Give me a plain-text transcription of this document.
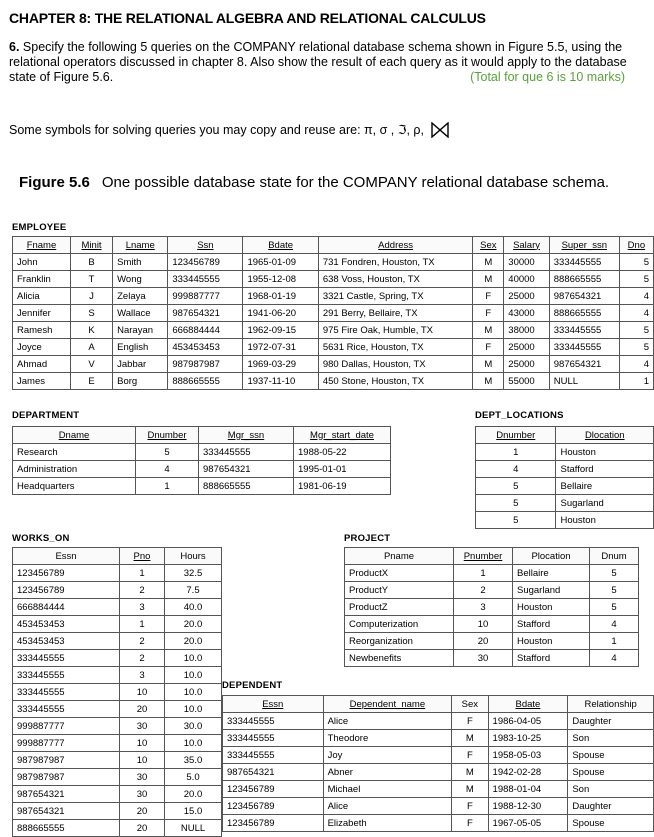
CHAPTER 8: THE RELATIONAL ALGEBRA AND RELATIONAL CALCULUS
6. Specify the following 5 queries on the COMPANY relational database schema shown in Figure 5.5, using the relational operators discussed in chapter 8. Also show the result of each query as it would apply to the database state of Figure 5.6.	(Total for que 6 is 10 marks)
Some symbols for solving queries you may copy and reuse are: π, σ , ℑ, ρ,
Figure 5.6 One possible database state for the COMPANY relational database schema.
EMPLOYEE
Fname	Minit	Lname	Ssn	Bdate	Address	Sex	Salary	Super_ssn	Dno
John	B	Smith	123456789	1965-01-09	731 Fondren, Houston, TX	M	30000	333445555	5
Franklin	T	Wong	333445555	1955-12-08	638 Voss, Houston, TX	M	40000	888665555	5
Alicia	J	Zelaya	999887777	1968-01-19	3321 Castle, Spring, TX	F	25000	987654321	4
Jennifer	S	Wallace	987654321	1941-06-20	291 Berry, Bellaire, TX	F	43000	888665555	4
Ramesh	K	Narayan	666884444	1962-09-15	975 Fire Oak, Humble, TX	M	38000	333445555	5
Joyce	A	English	453453453	1972-07-31	5631 Rice, Houston, TX	F	25000	333445555	5
Ahmad	V	Jabbar	987987987	1969-03-29	980 Dallas, Houston, TX	M	25000	987654321	4
James	E	Borg	888665555	1937-11-10	450 Stone, Houston, TX	M	55000	NULL	1
DEPARTMENT
Dname	Dnumber	Mgr_ssn	Mgr_start_date
Research	5	333445555	1988-05-22
Administration	4	987654321	1995-01-01
Headquarters	1	888665555	1981-06-19
DEPT_LOCATIONS
Dnumber	Dlocation
1	Houston
4	Stafford
5	Bellaire
5	Sugarland
5	Houston
WORKS_ON
Essn	Pno	Hours
123456789	1	32.5
123456789	2	7.5
666884444	3	40.0
453453453	1	20.0
453453453	2	20.0
333445555	2	10.0
333445555	3	10.0
333445555	10	10.0
333445555	20	10.0
999887777	30	30.0
999887777	10	10.0
987987987	10	35.0
987987987	30	5.0
987654321	30	20.0
987654321	20	15.0
888665555	20	NULL
PROJECT
Pname	Pnumber	Plocation	Dnum
ProductX	1	Bellaire	5
ProductY	2	Sugarland	5
ProductZ	3	Houston	5
Computerization	10	Stafford	4
Reorganization	20	Houston	1
Newbenefits	30	Stafford	4
DEPENDENT
Essn	Dependent_name	Sex	Bdate	Relationship
333445555	Alice	F	1986-04-05	Daughter
333445555	Theodore	M	1983-10-25	Son
333445555	Joy	F	1958-05-03	Spouse
987654321	Abner	M	1942-02-28	Spouse
123456789	Michael	M	1988-01-04	Son
123456789	Alice	F	1988-12-30	Daughter
123456789	Elizabeth	F	1967-05-05	Spouse
